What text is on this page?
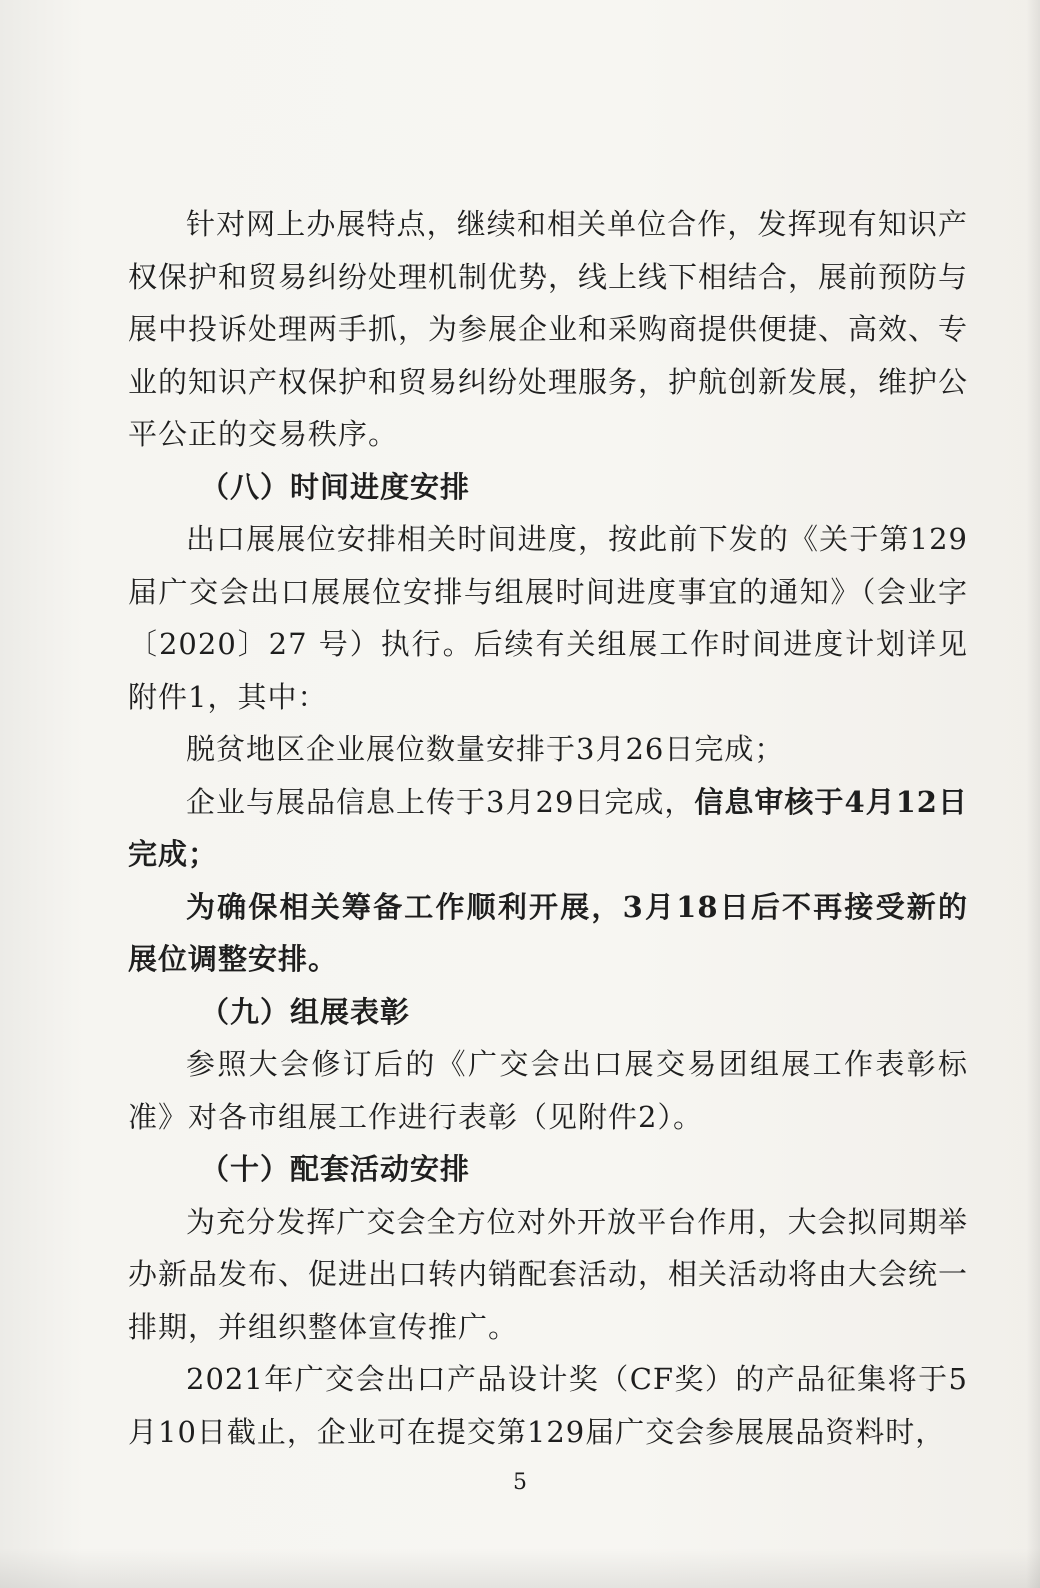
针对网上办展特点，继续和相关单位合作，发挥现有知识产权保护和贸易纠纷处理机制优势，线上线下相结合，展前预防与展中投诉处理两手抓，为参展企业和采购商提供便捷、高效、专业的知识产权保护和贸易纠纷处理服务，护航创新发展，维护公平公正的交易秩序。

（八）时间进度安排

出口展展位安排相关时间进度，按此前下发的《关于第129届广交会出口展展位安排与组展时间进度事宜的通知》（会业字〔2020〕27 号）执行。后续有关组展工作时间进度计划详见附件1，其中：

脱贫地区企业展位数量安排于3月26日完成；

企业与展品信息上传于3月29日完成，信息审核于4月12日完成；

为确保相关筹备工作顺利开展，3月18日后不再接受新的展位调整安排。

（九）组展表彰

参照大会修订后的《广交会出口展交易团组展工作表彰标准》对各市组展工作进行表彰（见附件2）。

（十）配套活动安排

为充分发挥广交会全方位对外开放平台作用，大会拟同期举办新品发布、促进出口转内销配套活动，相关活动将由大会统一排期，并组织整体宣传推广。

2021年广交会出口产品设计奖（CF奖）的产品征集将于5月10日截止，企业可在提交第129届广交会参展展品资料时，

5
